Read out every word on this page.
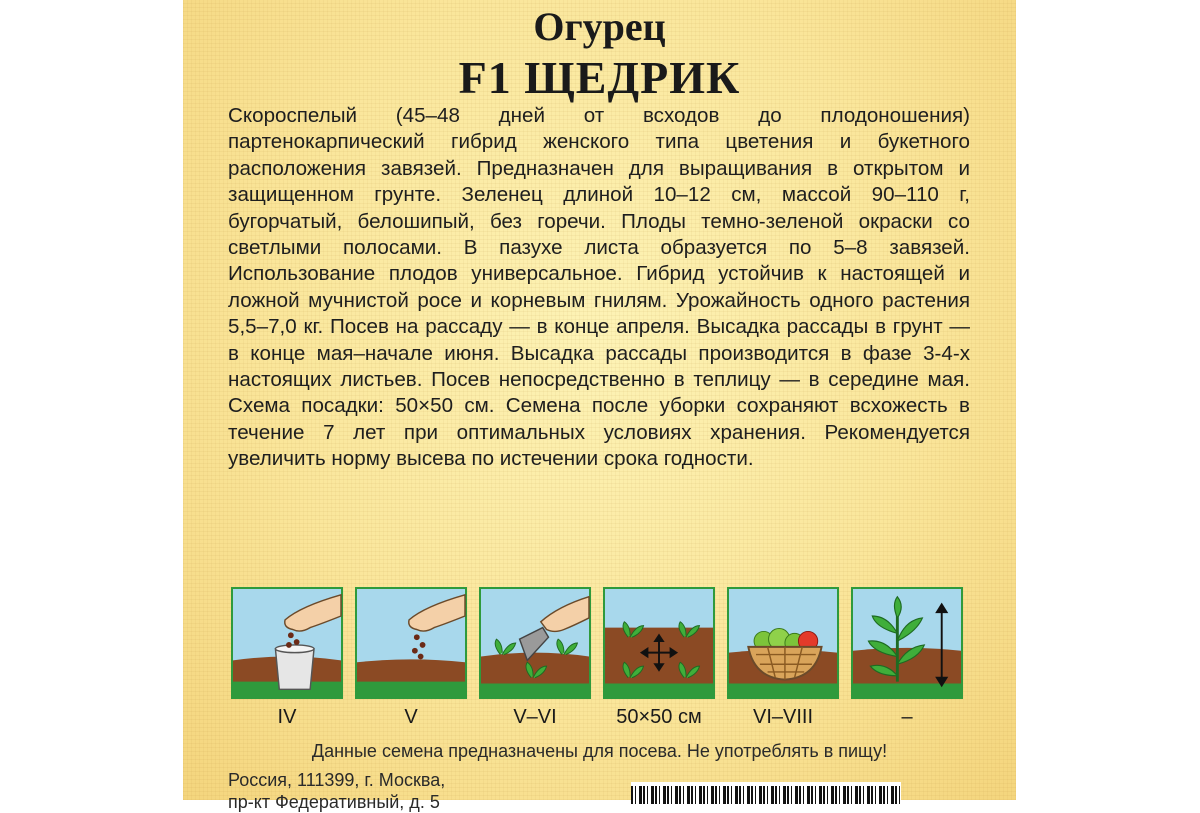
Огурец
F1 ЩЕДРИК

Скороспелый (45–48 дней от всходов до плодоношения) партенокарпический гибрид женского типа цветения и букетного расположения завязей. Предназначен для выращивания в открытом и защищенном грунте. Зеленец длиной 10–12 см, массой 90–110 г, бугорчатый, белошипый, без горечи. Плоды темно-зеленой окраски со светлыми полосами. В пазухе листа образуется по 5–8 завязей. Использование плодов универсальное. Гибрид устойчив к настоящей и ложной мучнистой росе и корневым гнилям. Урожайность одного растения 5,5–7,0 кг. Посев на рассаду — в конце апреля. Высадка рассады в грунт — в конце мая–начале июня. Высадка рассады производится в фазе 3-4-х настоящих листьев. Посев непосредственно в теплицу — в середине мая. Схема посадки: 50×50 см. Семена после уборки сохраняют всхожесть в течение 7 лет при оптимальных условиях хранения. Рекомендуется увеличить норму высева по истечении срока годности.

IV	V	V–VI	50×50 см	VI–VIII	–
Данные семена предназначены для посева. Не употреблять в пищу!
Россия, 111399, г. Москва,
пр-кт Федеративный, д. 5
